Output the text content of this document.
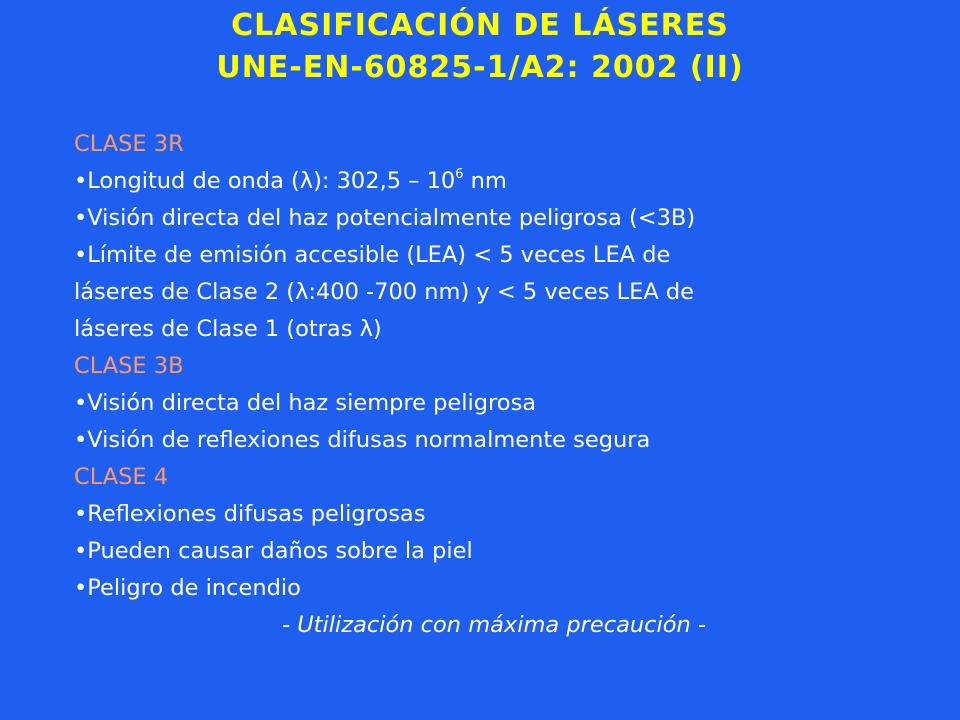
CLASIFICACIÓN DE LÁSERES
UNE-EN-60825-1/A2: 2002 (II)
CLASE 3R
•Longitud de onda (λ): $302,5 - 10^6$ nm
•Visión directa del haz potencialmente peligrosa (<3B)
•Límite de emisión accesible (LEA) < 5 veces LEA de
láseres de Clase 2 (λ:400 -700 nm) y < 5 veces LEA de
láseres de Clase 1 (otras λ)
CLASE 3B
•Visión directa del haz siempre peligrosa
•Visión de reflexiones difusas normalmente segura
CLASE 4
•Reflexiones difusas peligrosas
•Pueden causar daños sobre la piel
•Peligro de incendio
- Utilización con máxima precaución -
